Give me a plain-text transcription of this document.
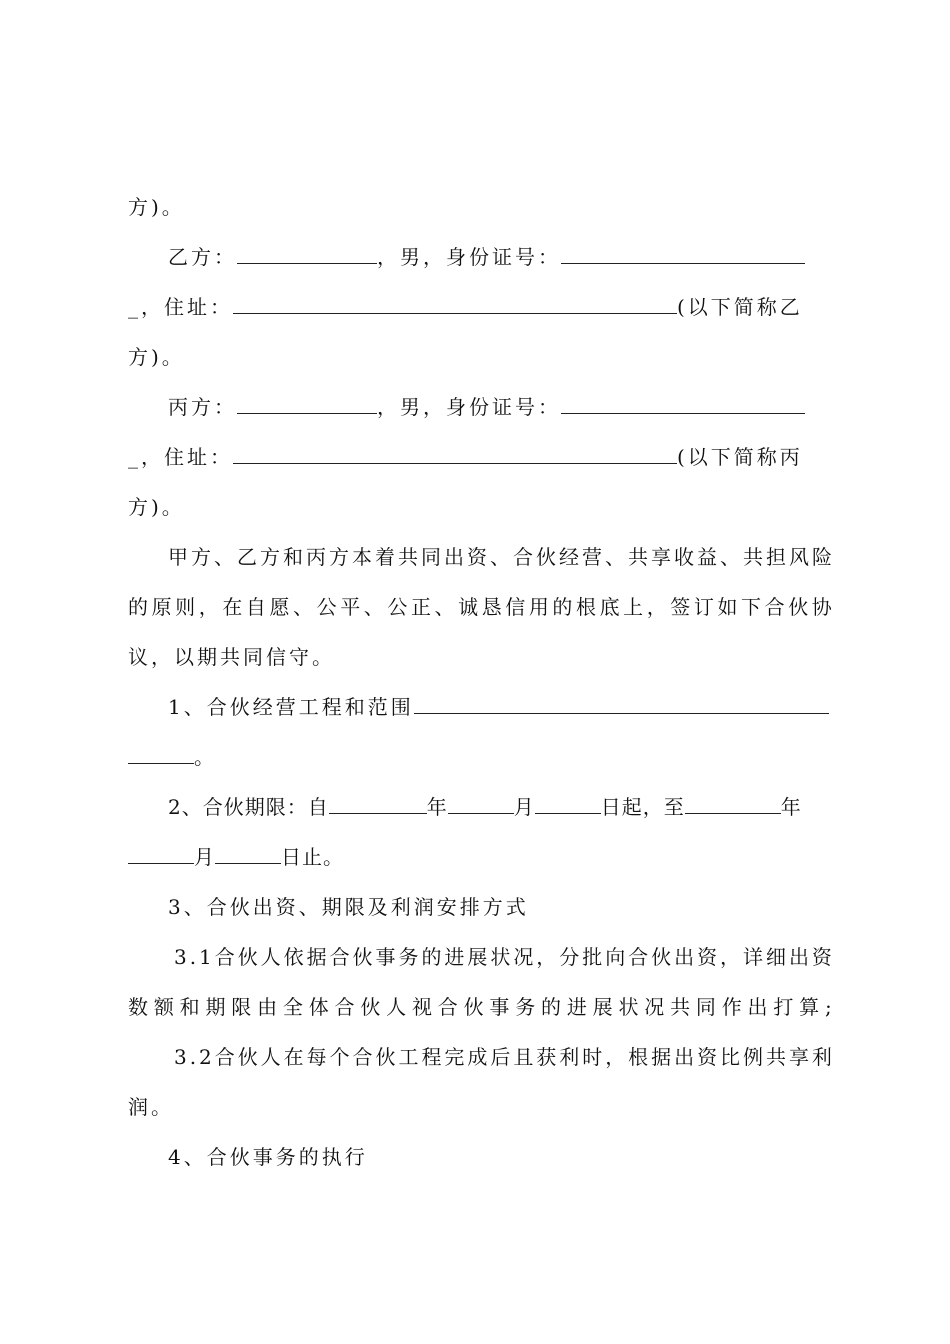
方)。
乙方：	，男，身份证号：
_，住址：	(以下简称乙
方)。
丙方：	，男，身份证号：
_，住址：	(以下简称丙
方)。
甲 方 、 乙 方 和 丙 方 本 着 共 同 出 资 、 合 伙 经 营 、 共 享 收 益 、 共 担 风 险
的 原 则 ， 在 自 愿 、 公 平 、 公 正 、 诚 恳 信 用 的 根 底 上 ， 签 订 如 下 合 伙 协
议，以期共同信守。
1、合伙经营工程和范围
。
2、合伙期限：自	年	月	日起，至	年
月	日止。
3、合伙出资、期限及利润安排方式
3 . 1 合 伙 人 依 据 合 伙 事 务 的 进 展 状 况 ， 分 批 向 合 伙 出 资 ， 详 细 出 资
数 额 和 期 限 由 全 体 合 伙 人 视 合 伙 事 务 的 进 展 状 况 共 同 作 出 打 算 ;
3 . 2 合 伙 人 在 每 个 合 伙 工 程 完 成 后 且 获 利 时 ， 根 据 出 资 比 例 共 享 利
润。
4、合伙事务的执行
